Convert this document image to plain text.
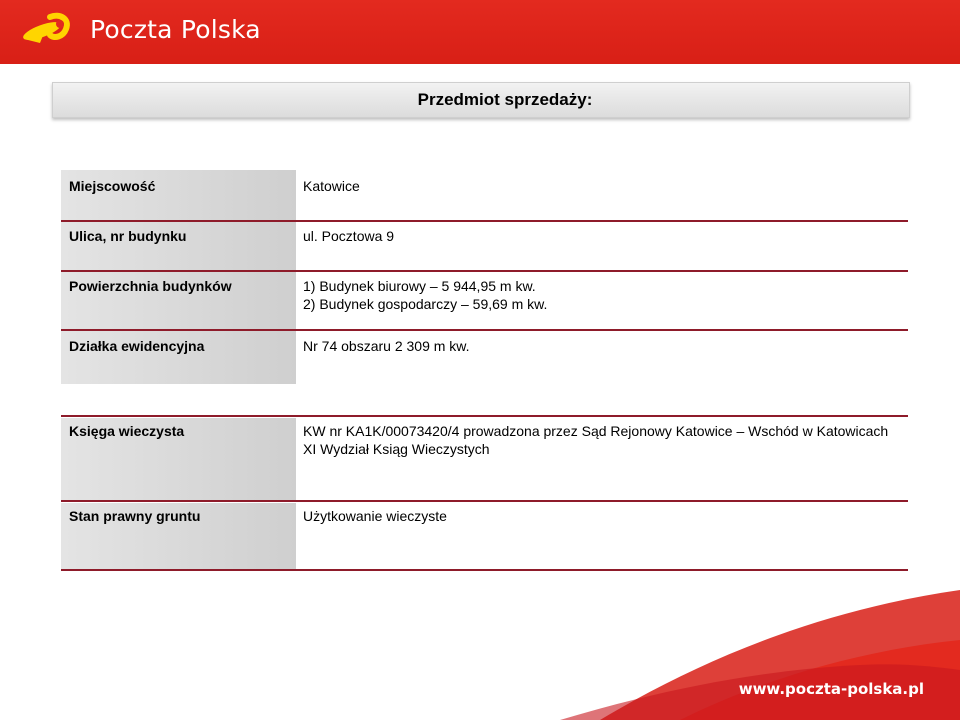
Poczta Polska
Przedmiot sprzedaży:
Miejscowość	Katowice
Ulica, nr budynku	ul. Pocztowa 9
Powierzchnia budynków	1) Budynek biurowy – 5 944,95 m kw.
2) Budynek gospodarczy – 59,69 m kw.
Działka ewidencyjna	Nr 74 obszaru 2 309 m kw.
Księga wieczysta	KW nr KA1K/00073420/4 prowadzona przez Sąd Rejonowy Katowice – Wschód w Katowicach XI Wydział Ksiąg Wieczystych
Stan prawny gruntu	Użytkowanie wieczyste
www.poczta-polska.pl
